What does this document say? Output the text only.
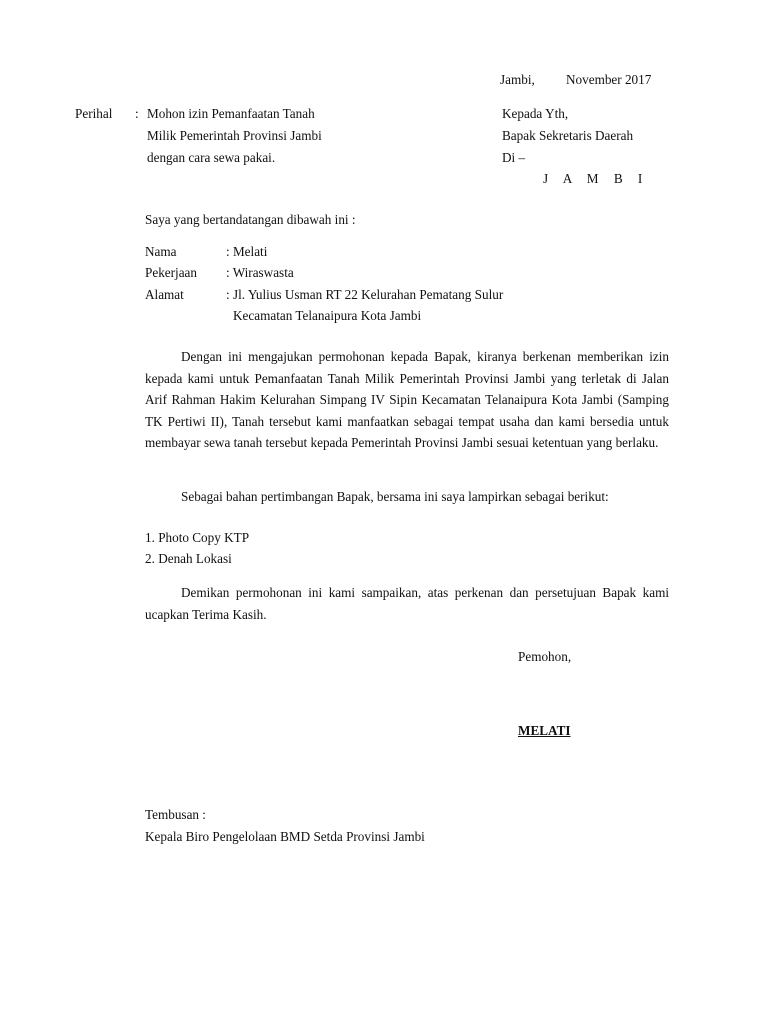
Jambi, November 2017
Perihal : Mohon izin Pemanfaatan Tanah
Milik Pemerintah Provinsi Jambi
dengan cara sewa pakai.
Kepada Yth,
Bapak Sekretaris Daerah
Di –
J A M B I
Saya yang bertandatangan dibawah ini :
Nama	: Melati
Pekerjaan : Wiraswasta
Alamat	: Jl. Yulius Usman RT 22 Kelurahan Pematang Sulur
Kecamatan Telanaipura Kota Jambi
Dengan ini mengajukan permohonan kepada Bapak, kiranya berkenan memberikan izin kepada kami untuk Pemanfaatan Tanah Milik Pemerintah Provinsi Jambi yang terletak di Jalan Arif Rahman Hakim Kelurahan Simpang IV Sipin Kecamatan Telanaipura Kota Jambi (Samping TK Pertiwi II), Tanah tersebut kami manfaatkan sebagai tempat usaha dan kami bersedia untuk membayar sewa tanah tersebut kepada Pemerintah Provinsi Jambi sesuai ketentuan yang berlaku.
Sebagai bahan pertimbangan Bapak, bersama ini saya lampirkan sebagai berikut:
1. Photo Copy KTP
2. Denah Lokasi
Demikan permohonan ini kami sampaikan, atas perkenan dan persetujuan Bapak kami ucapkan Terima Kasih.
Pemohon,
MELATI
Tembusan :
Kepala Biro Pengelolaan BMD Setda Provinsi Jambi
